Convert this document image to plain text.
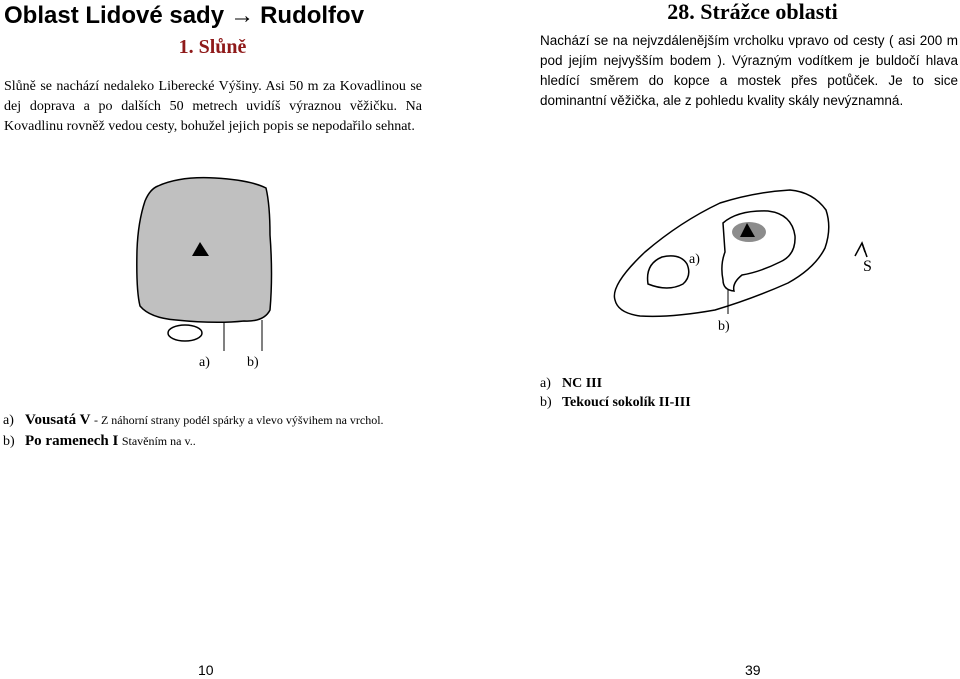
Oblast Lidové sady → Rudolfov
1. Slůně
Slůně se nachází nedaleko Liberecké Výšiny. Asi 50 m za Kovadlinou se dej doprava a po dalších 50 metrech uvidíš výraznou věžičku. Na Kovadlinu rovněž vedou cesty, bohužel jejich popis se nepodařilo sehnat.
a)	b)
a) Vousatá V - Z náhorní strany podél spárky a vlevo výšvihem na vrchol.
b) Po ramenech I Stavěním na v..
10
28. Strážce oblasti
Nachází se na nejvzdálenějším vrcholku vpravo od cesty ( asi 200 m pod jejím nejvyšším bodem ). Výrazným vodítkem je buldočí hlava hledící směrem do kopce a mostek přes potůček. Je to sice dominantní věžička, ale z pohledu kvality skály nevýznamná.
a)
b)
S
a) NC III
b) Tekoucí sokolík II-III
39
